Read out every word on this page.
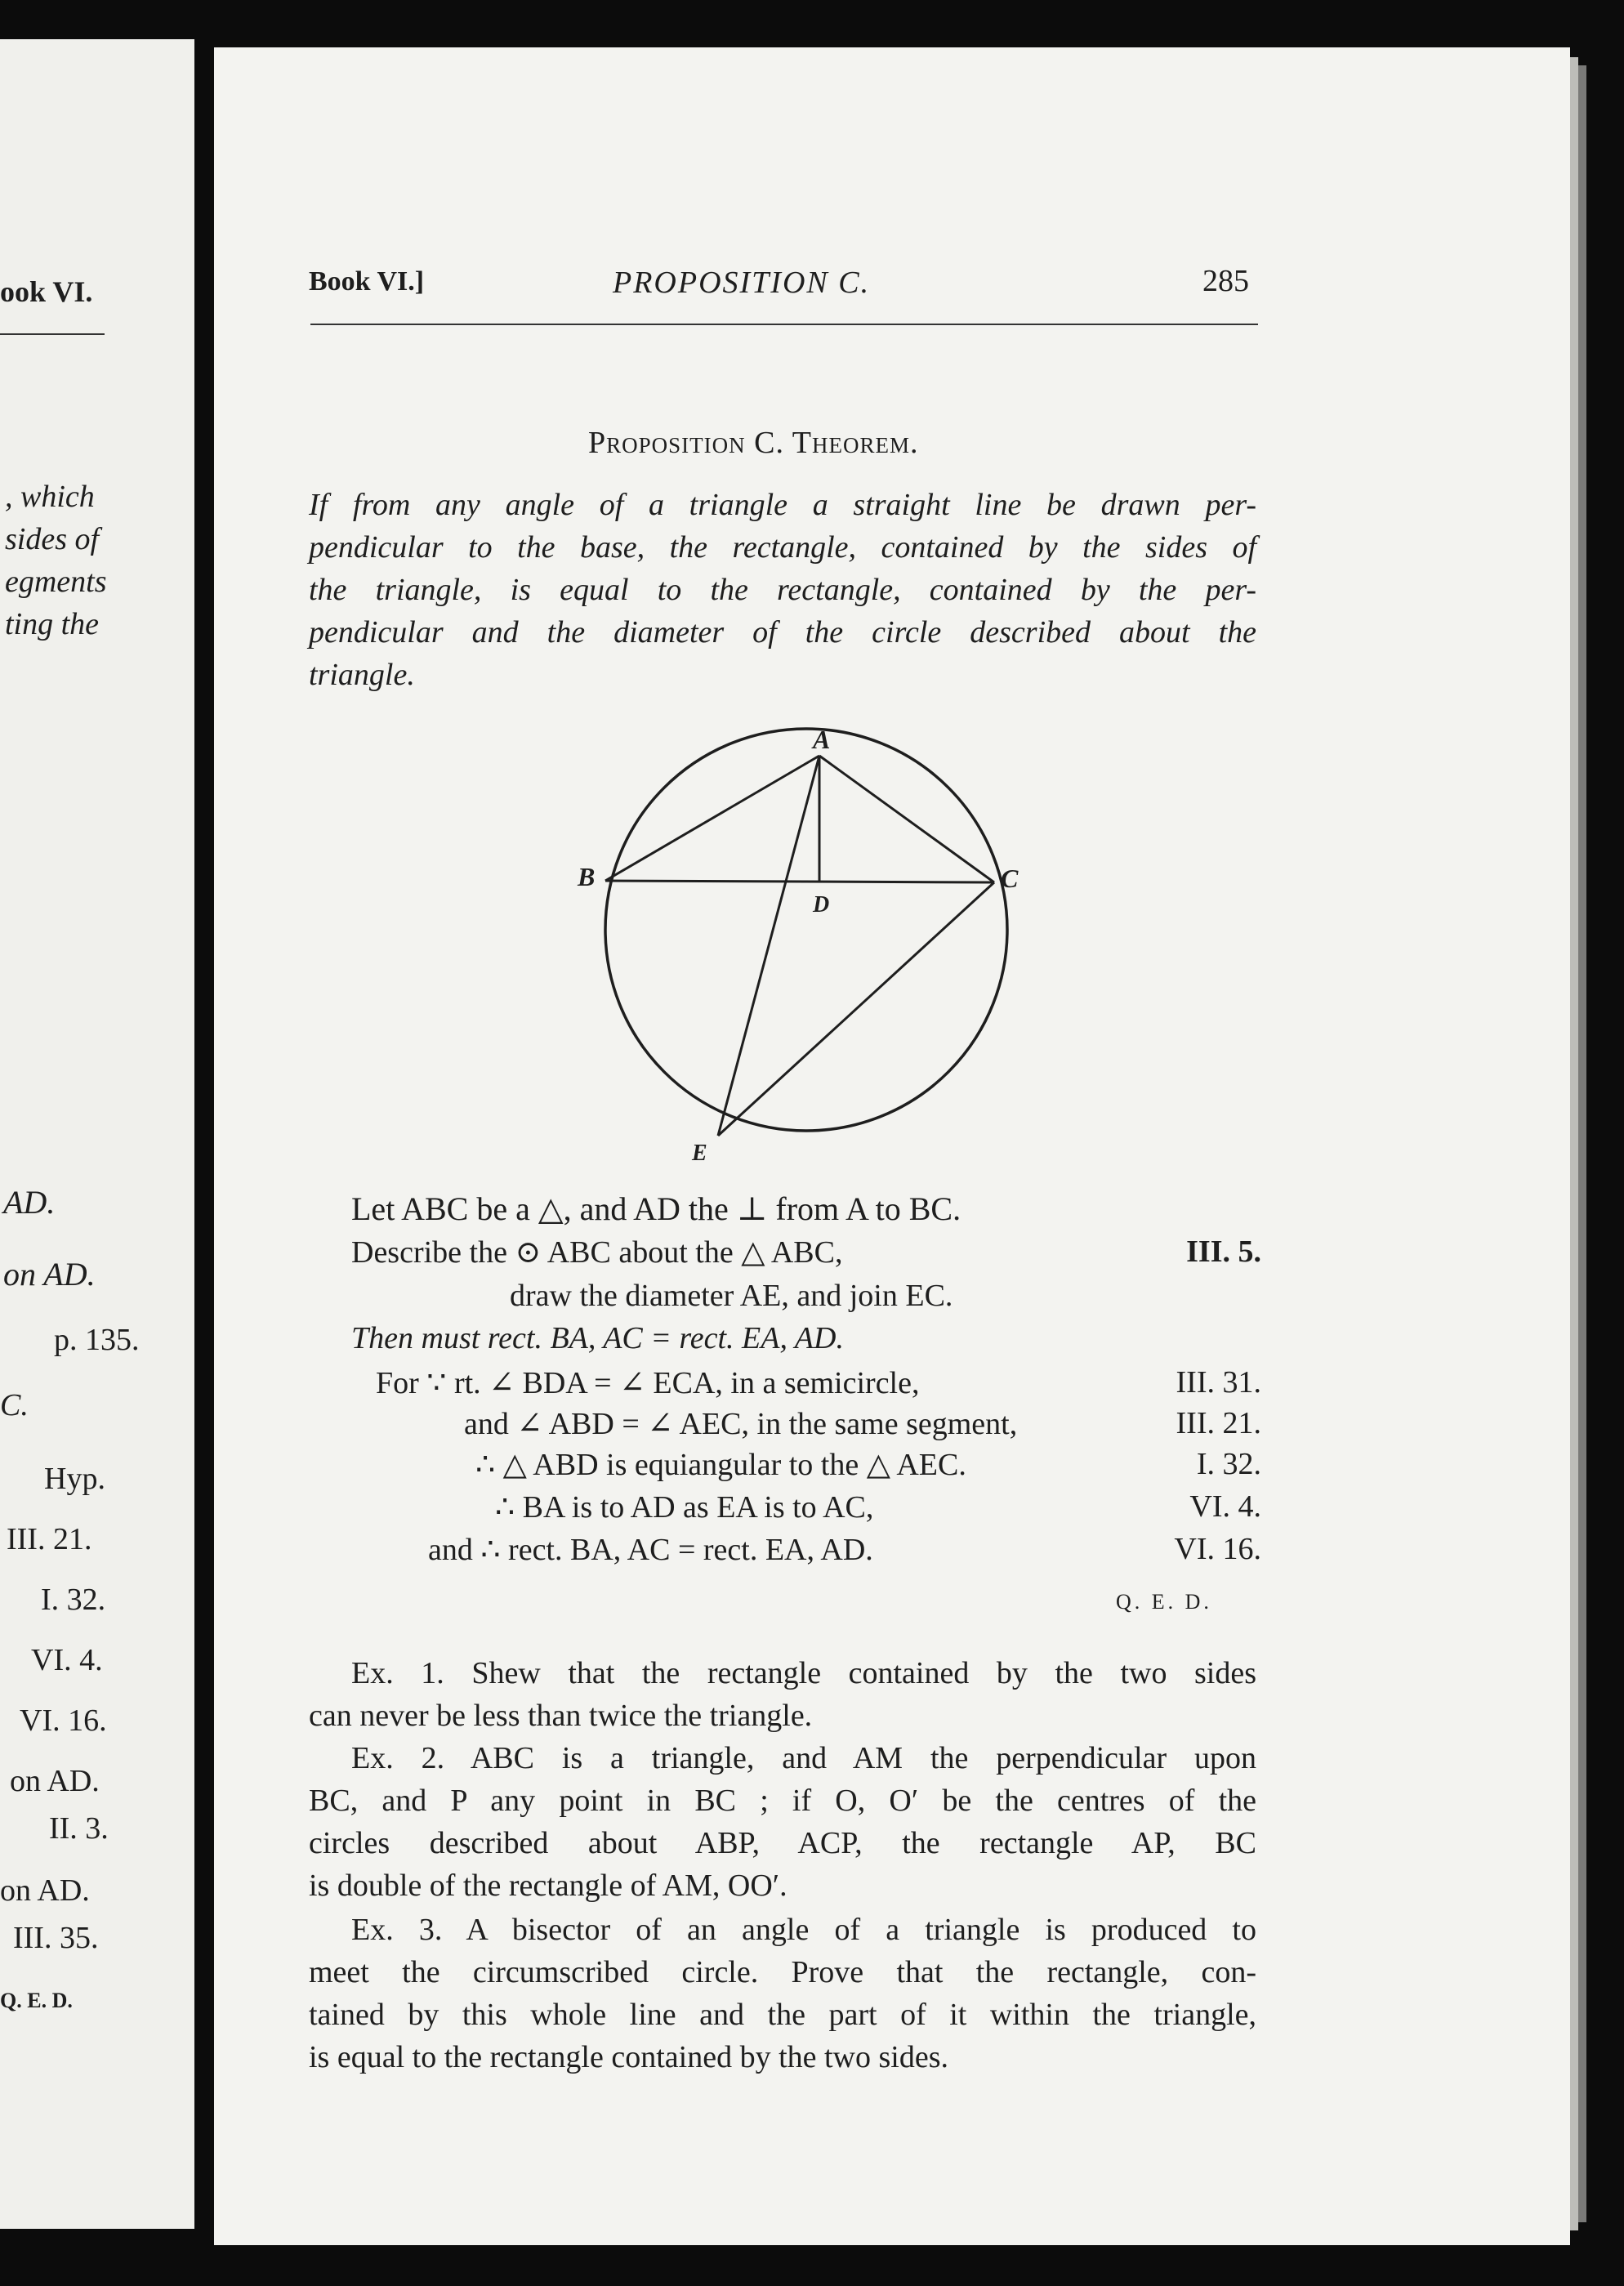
ook VI.
, which
sides of
egments
ting the
AD.
on AD.
p. 135.
C.
Hyp.
III. 21.
I. 32.
VI. 4.
VI. 16.
on AD.
II. 3.
on AD.
III. 35.
Q. E. D.
Book VI.]	PROPOSITION C.	285
Proposition C. Theorem.
If from any angle of a triangle a straight line be drawn per-
pendicular to the base, the rectangle, contained by the sides of
the triangle, is equal to the rectangle, contained by the per-
pendicular and the diameter of the circle described about the
triangle.
A
B	C
D
E
Let ABC be a △, and AD the ⊥ from A to BC.
Describe the ⊙ ABC about the △ ABC,	III. 5.
draw the diameter AE, and join EC.
Then must rect. BA, AC = rect. EA, AD.
For ∵ rt. ∠ BDA = ∠ ECA, in a semicircle,	III. 31.
and ∠ ABD = ∠ AEC, in the same segment,	III. 21.
∴ △ ABD is equiangular to the △ AEC.	I. 32.
∴ BA is to AD as EA is to AC,	VI. 4.
and ∴ rect. BA, AC = rect. EA, AD.	VI. 16.
Q. E. D.
Ex. 1. Shew that the rectangle contained by the two sides
can never be less than twice the triangle.
Ex. 2. ABC is a triangle, and AM the perpendicular upon
BC, and P any point in BC ; if O, O′ be the centres of the
circles described about ABP, ACP, the rectangle AP, BC
is double of the rectangle of AM, OO′.
Ex. 3. A bisector of an angle of a triangle is produced to
meet the circumscribed circle. Prove that the rectangle, con-
tained by this whole line and the part of it within the triangle,
is equal to the rectangle contained by the two sides.
